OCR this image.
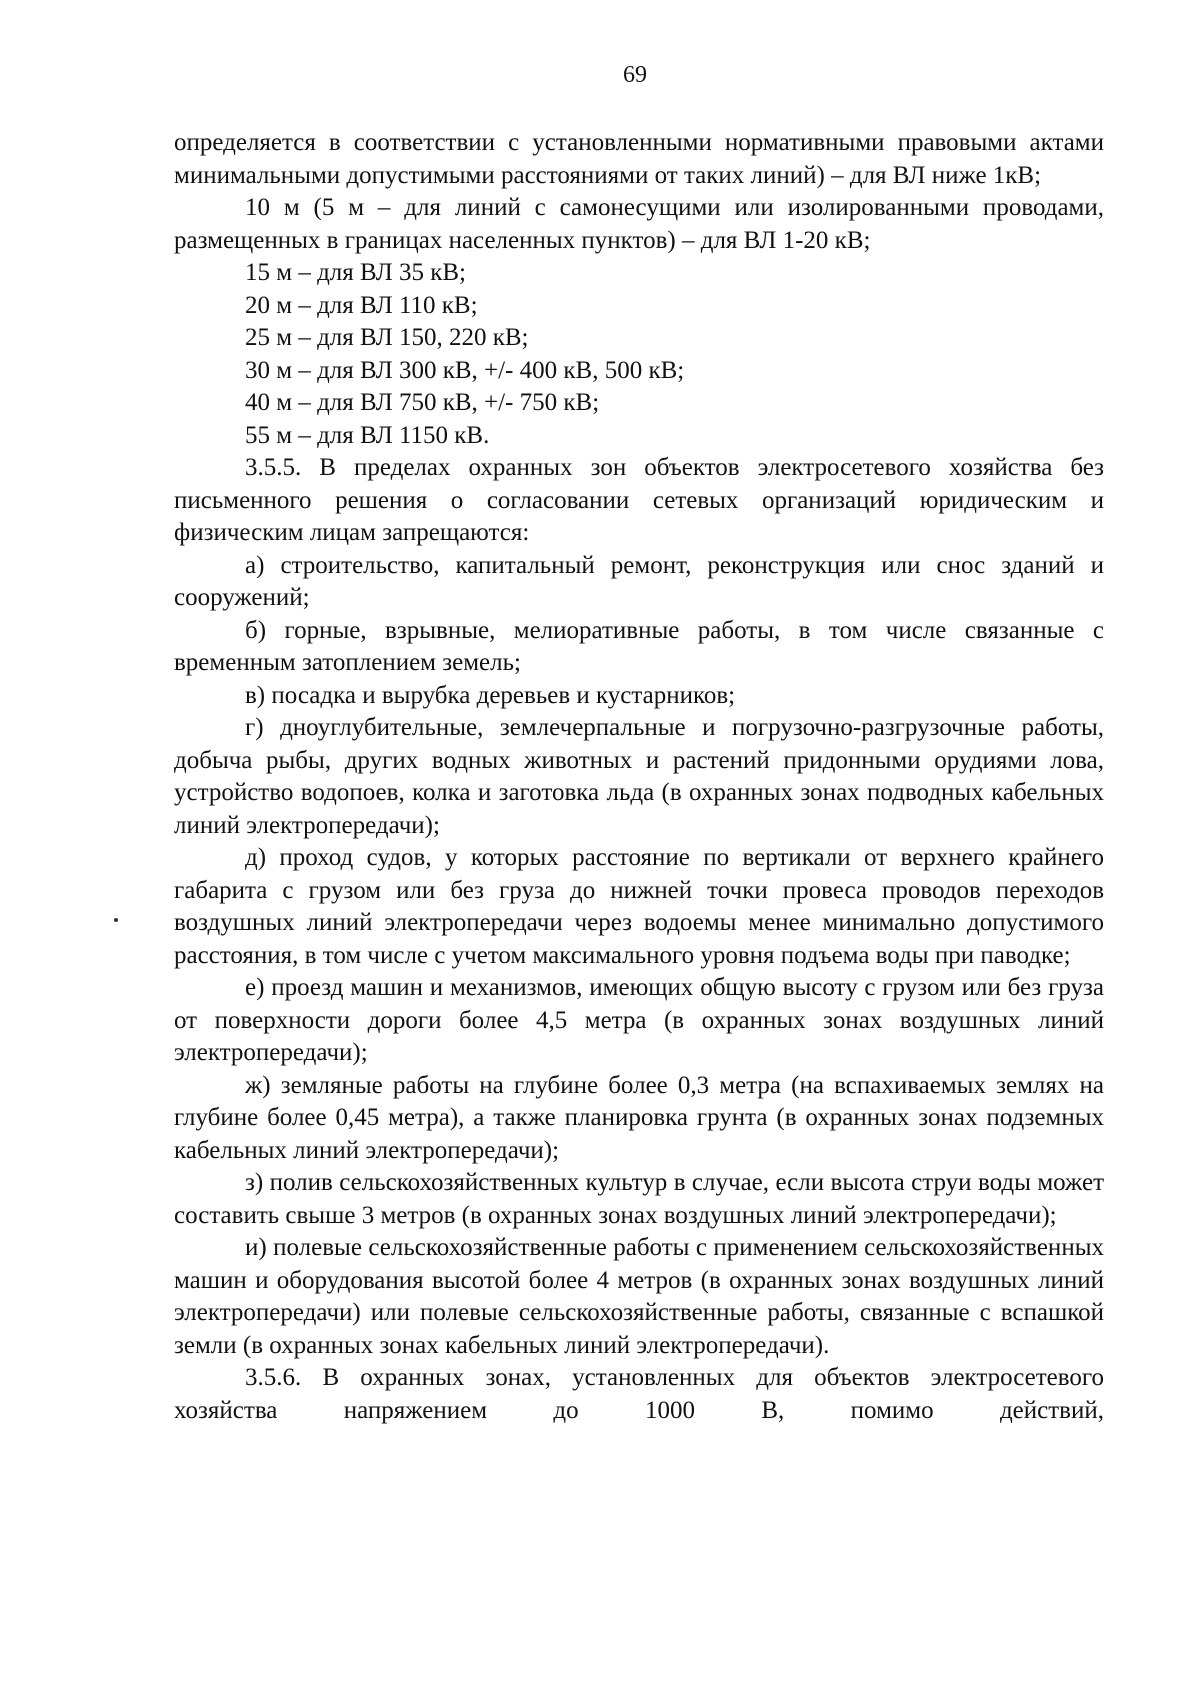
69

определяется в соответствии с установленными нормативными правовыми актами минимальными допустимыми расстояниями от таких линий) – для ВЛ ниже 1кВ;

10 м (5 м – для линий с самонесущими или изолированными проводами, размещенных в границах населенных пунктов) – для ВЛ 1-20 кВ;

15 м – для ВЛ 35 кВ;

20 м – для ВЛ 110 кВ;

25 м – для ВЛ 150, 220 кВ;

30 м – для ВЛ 300 кВ, +/- 400 кВ, 500 кВ;

40 м – для ВЛ 750 кВ, +/- 750 кВ;

55 м – для ВЛ 1150 кВ.

3.5.5. В пределах охранных зон объектов электросетевого хозяйства без письменного решения о согласовании сетевых организаций юридическим и физическим лицам запрещаются:

а) строительство, капитальный ремонт, реконструкция или снос зданий и сооружений;

б) горные, взрывные, мелиоративные работы, в том числе связанные с временным затоплением земель;

в) посадка и вырубка деревьев и кустарников;

г) дноуглубительные, землечерпальные и погрузочно-разгрузочные работы, добыча рыбы, других водных животных и растений придонными орудиями лова, устройство водопоев, колка и заготовка льда (в охранных зонах подводных кабельных линий электропередачи);

д) проход судов, у которых расстояние по вертикали от верхнего крайнего габарита с грузом или без груза до нижней точки провеса проводов переходов воздушных линий электропередачи через водоемы менее минимально допустимого расстояния, в том числе с учетом максимального уровня подъема воды при паводке;

е) проезд машин и механизмов, имеющих общую высоту с грузом или без груза от поверхности дороги более 4,5 метра (в охранных зонах воздушных линий электропередачи);

ж) земляные работы на глубине более 0,3 метра (на вспахиваемых землях на глубине более 0,45 метра), а также планировка грунта (в охранных зонах подземных кабельных линий электропередачи);

з) полив сельскохозяйственных культур в случае, если высота струи воды может составить свыше 3 метров (в охранных зонах воздушных линий электропередачи);

и) полевые сельскохозяйственные работы с применением сельскохозяйственных машин и оборудования высотой более 4 метров (в охранных зонах воздушных линий электропередачи) или полевые сельскохозяйственные работы, связанные с вспашкой земли (в охранных зонах кабельных линий электропередачи).

3.5.6. В охранных зонах, установленных для объектов электросетевого хозяйства напряжением до 1000 В, помимо действий,
